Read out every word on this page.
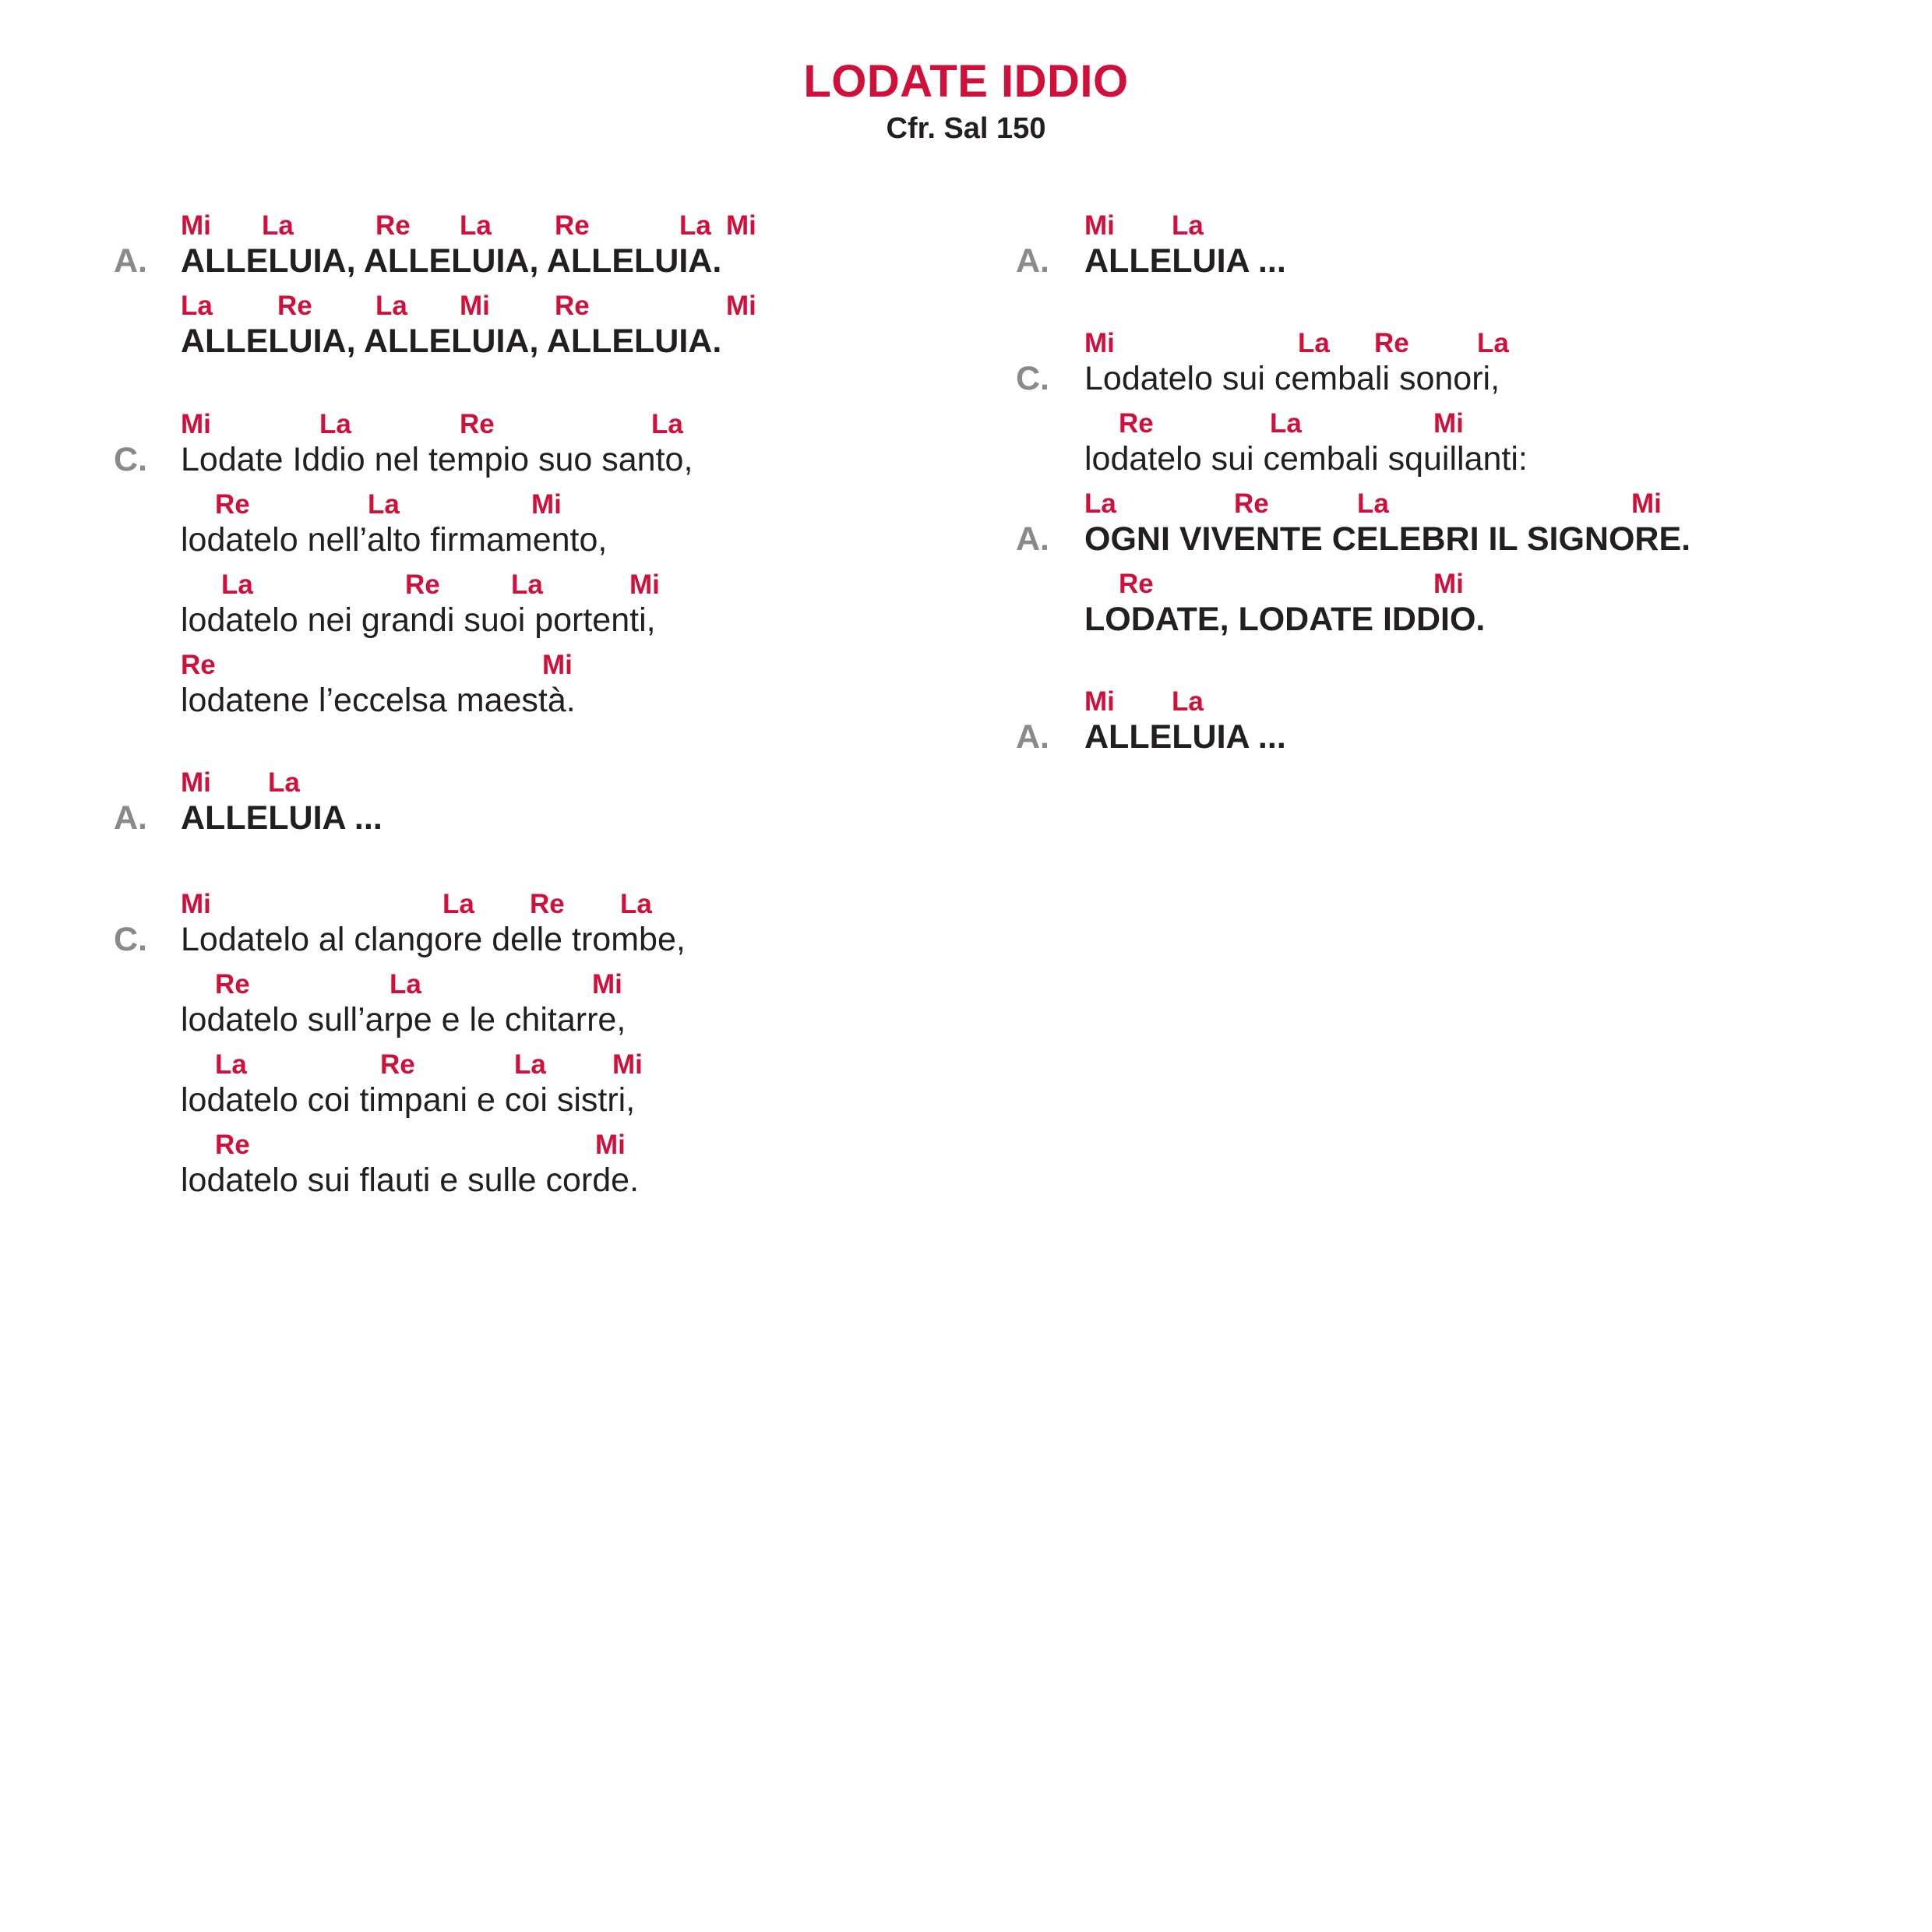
LODATE IDDIO
Cfr. Sal 150
Mi La	Re La Re	La Mi
A. ALLELUIA, ALLELUIA, ALLELUIA.
La Re La Mi Re	Mi
ALLELUIA, ALLELUIA, ALLELUIA.
Mi	La	Re	La
C. Lodate Iddio nel tempio suo santo,
Re	La	Mi
lodatelo nell’alto firmamento,
La	Re	La	Mi
lodatelo nei grandi suoi portenti,
Re	Mi
lodatene l’eccelsa maestà.
Mi La
A. ALLELUIA ...
Mi	La Re La
C. Lodatelo al clangore delle trombe,
Re	La	Mi
lodatelo sull’arpe e le chitarre,
La	Re	La Mi
lodatelo coi timpani e coi sistri,
Re	Mi
lodatelo sui flauti e sulle corde.
Mi La
A. ALLELUIA ...
Mi	La Re La
C. Lodatelo sui cembali sonori,
Re	La	Mi
lodatelo sui cembali squillanti:
La	Re	La	Mi
A. OGNI VIVENTE CELEBRI IL SIGNORE.
Re	Mi
LODATE, LODATE IDDIO.
Mi La
A. ALLELUIA ...
